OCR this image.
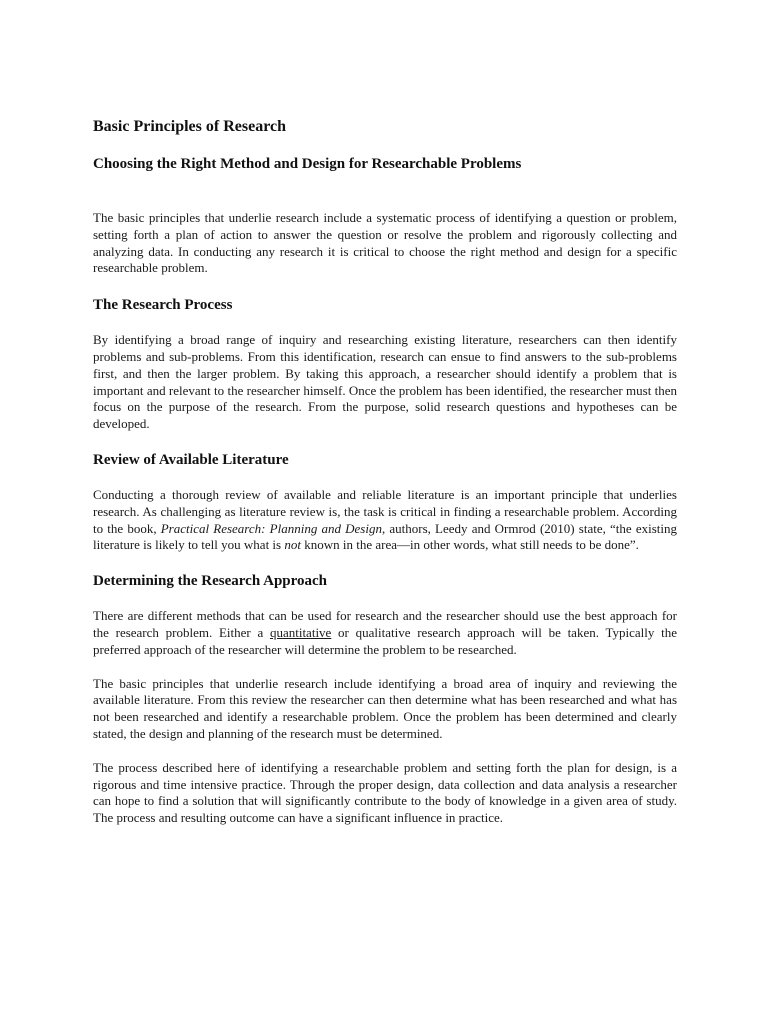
Basic Principles of Research
Choosing the Right Method and Design for Researchable Problems

The basic principles that underlie research include a systematic process of identifying a question or problem, setting forth a plan of action to answer the question or resolve the problem and rigorously collecting and analyzing data. In conducting any research it is critical to choose the right method and design for a specific researchable problem.

The Research Process

By identifying a broad range of inquiry and researching existing literature, researchers can then identify problems and sub-problems. From this identification, research can ensue to find answers to the sub-problems first, and then the larger problem. By taking this approach, a researcher should identify a problem that is important and relevant to the researcher himself. Once the problem has been identified, the researcher must then focus on the purpose of the research. From the purpose, solid research questions and hypotheses can be developed.

Review of Available Literature

Conducting a thorough review of available and reliable literature is an important principle that underlies research. As challenging as literature review is, the task is critical in finding a researchable problem. According to the book, Practical Research: Planning and Design, authors, Leedy and Ormrod (2010) state, “the existing literature is likely to tell you what is not known in the area—in other words, what still needs to be done”.

Determining the Research Approach

There are different methods that can be used for research and the researcher should use the best approach for the research problem. Either a quantitative or qualitative research approach will be taken. Typically the preferred approach of the researcher will determine the problem to be researched.

The basic principles that underlie research include identifying a broad area of inquiry and reviewing the available literature. From this review the researcher can then determine what has been researched and what has not been researched and identify a researchable problem. Once the problem has been determined and clearly stated, the design and planning of the research must be determined.

The process described here of identifying a researchable problem and setting forth the plan for design, is a rigorous and time intensive practice. Through the proper design, data collection and data analysis a researcher can hope to find a solution that will significantly contribute to the body of knowledge in a given area of study. The process and resulting outcome can have a significant influence in practice.
